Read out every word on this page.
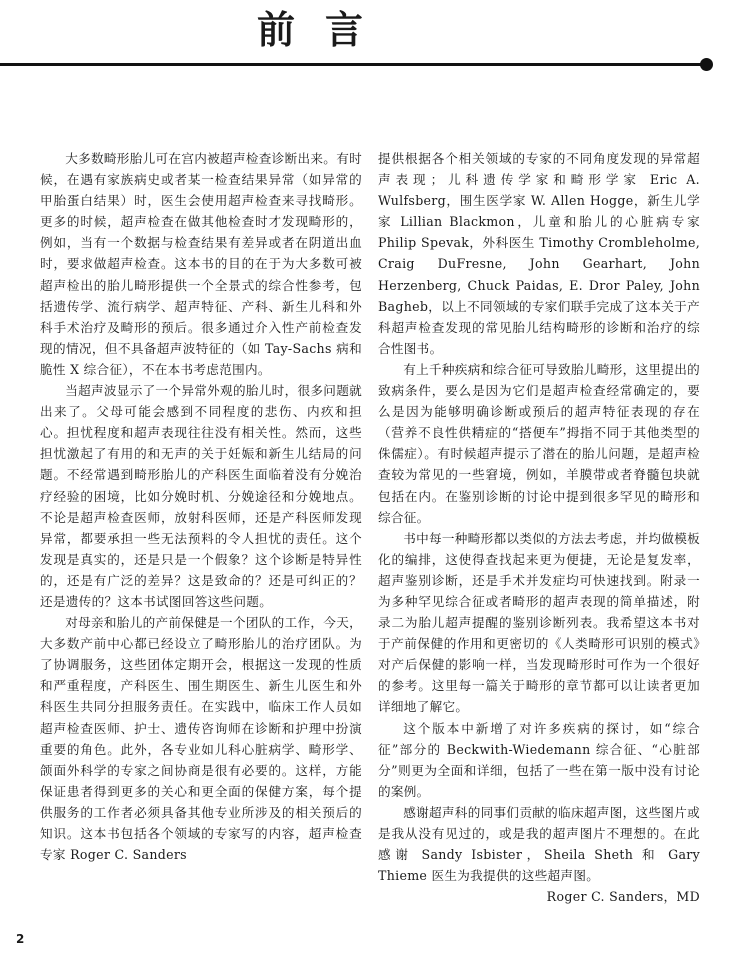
前言

大多数畸形胎儿可在宫内被超声检查诊断出来。有时候，在遇有家族病史或者某一检查结果异常（如异常的甲胎蛋白结果）时，医生会使用超声检查来寻找畸形。更多的时候，超声检查在做其他检查时才发现畸形的，例如，当有一个数据与检查结果有差异或者在阴道出血时，要求做超声检查。这本书的目的在于为大多数可被超声检出的胎儿畸形提供一个全景式的综合性参考，包括遗传学、流行病学、超声特征、产科、新生儿科和外科手术治疗及畸形的预后。很多通过介入性产前检查发现的情况，但不具备超声波特征的（如 Tay-Sachs 病和脆性 X 综合征），不在本书考虑范围内。

当超声波显示了一个异常外观的胎儿时，很多问题就出来了。父母可能会感到不同程度的悲伤、内疚和担心。担忧程度和超声表现往往没有相关性。然而，这些担忧激起了有用的和无声的关于妊娠和新生儿结局的问题。不经常遇到畸形胎儿的产科医生面临着没有分娩治疗经验的困境，比如分娩时机、分娩途径和分娩地点。不论是超声检查医师，放射科医师，还是产科医师发现异常，都要承担一些无法预料的令人担忧的责任。这个发现是真实的，还是只是一个假象？这个诊断是特异性的，还是有广泛的差异？这是致命的？还是可纠正的？还是遗传的？这本书试图回答这些问题。

对母亲和胎儿的产前保健是一个团队的工作，今天，大多数产前中心都已经设立了畸形胎儿的治疗团队。为了协调服务，这些团体定期开会，根据这一发现的性质和严重程度，产科医生、围生期医生、新生儿医生和外科医生共同分担服务责任。在实践中，临床工作人员如超声检查医师、护士、遗传咨询师在诊断和护理中扮演重要的角色。此外，各专业如儿科心脏病学、畸形学、颌面外科学的专家之间协商是很有必要的。这样，方能保证患者得到更多的关心和更全面的保健方案，每个提供服务的工作者必须具备其他专业所涉及的相关预后的知识。这本书包括各个领域的专家写的内容，超声检查专家 Roger C. Sanders

提供根据各个相关领域的专家的不同角度发现的异常超声表现；儿科遗传学家和畸形学家 Eric A. Wulfsberg，围生医学家 W. Allen Hogge，新生儿学家 Lillian Blackmon，儿童和胎儿的心脏病专家 Philip Spevak，外科医生 Timothy Crombleholme, Craig DuFresne, John Gearhart, John Herzenberg, Chuck Paidas, E. Dror Paley, John Bagheb，以上不同领域的专家们联手完成了这本关于产科超声检查发现的常见胎儿结构畸形的诊断和治疗的综合性图书。

有上千种疾病和综合征可导致胎儿畸形，这里提出的致病条件，要么是因为它们是超声检查经常确定的，要么是因为能够明确诊断或预后的超声特征表现的存在（营养不良性供精症的“搭便车”拇指不同于其他类型的侏儒症）。有时候超声提示了潜在的胎儿问题，是超声检查较为常见的一些窘境，例如，羊膜带或者脊髓包块就包括在内。在鉴别诊断的讨论中提到很多罕见的畸形和综合征。

书中每一种畸形都以类似的方法去考虑，并均做模板化的编排，这使得查找起来更为便捷，无论是复发率，超声鉴别诊断，还是手术并发症均可快速找到。附录一为多种罕见综合征或者畸形的超声表现的简单描述，附录二为胎儿超声提醒的鉴别诊断列表。我希望这本书对于产前保健的作用和更密切的《人类畸形可识别的模式》对产后保健的影响一样，当发现畸形时可作为一个很好的参考。这里每一篇关于畸形的章节都可以让读者更加详细地了解它。

这个版本中新增了对许多疾病的探讨，如“综合征”部分的 Beckwith-Wiedemann 综合征、“心脏部分”则更为全面和详细，包括了一些在第一版中没有讨论的案例。

感谢超声科的同事们贡献的临床超声图，这些图片或是我从没有见过的，或是我的超声图片不理想的。在此感谢 Sandy Isbister，Sheila Sheth 和 Gary Thieme 医生为我提供的这些超声图。

Roger C. Sanders，MD

2
